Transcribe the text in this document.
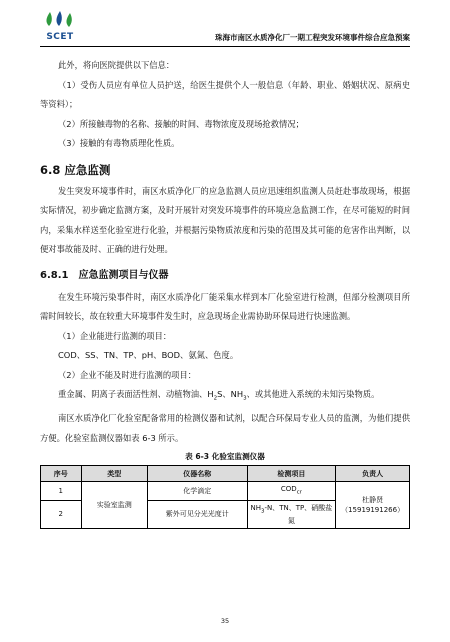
SCET	珠海市南区水质净化厂一期工程突发环境事件综合应急预案

此外，将向医院提供以下信息：

（1）受伤人员应有单位人员护送，给医生提供个人一般信息（年龄、职业、婚姻状况、原病史等资料）；

（2）所接触毒物的名称、接触的时间、毒物浓度及现场抢救情况；

（3）接触的有毒物质理化性质。

6.8 应急监测

发生突发环境事件时，南区水质净化厂的应急监测人员应迅速组织监测人员赶赴事故现场，根据实际情况，初步确定监测方案，及时开展针对突发环境事件的环境应急监测工作，在尽可能短的时间内，采集水样送至化验室进行化验，并根据污染物质浓度和污染的范围及其可能的危害作出判断，以便对事故能及时、正确的进行处理。

6.8.1　应急监测项目与仪器

在发生环境污染事件时，南区水质净化厂能采集水样到本厂化验室进行检测，但部分检测项目所需时间较长，故在较重大环境事件发生时，应急现场企业需协助环保局进行快速监测。

（1）企业能进行监测的项目：

COD、SS、TN、TP、pH、BOD、氨氮、色度。

（2）企业不能及时进行监测的项目：

重金属、阴离子表面活性剂、动植物油、$H_2S$、$NH_3$、或其他进入系统的未知污染物质。

南区水质净化厂化验室配备常用的检测仪器和试剂，以配合环保局专业人员的监测，为他们提供方便。化验室监测仪器如表 6-3 所示。

表 6-3 化验室监测仪器
序号	类型	仪器名称	检测项目	负责人
1	实验室监测	化学滴定	$COD_{cr}$	杜静贤
（15919191266）
2		紫外可见分光光度计	$NH_3-N$、TN、TP、硝酸盐氮	
35
